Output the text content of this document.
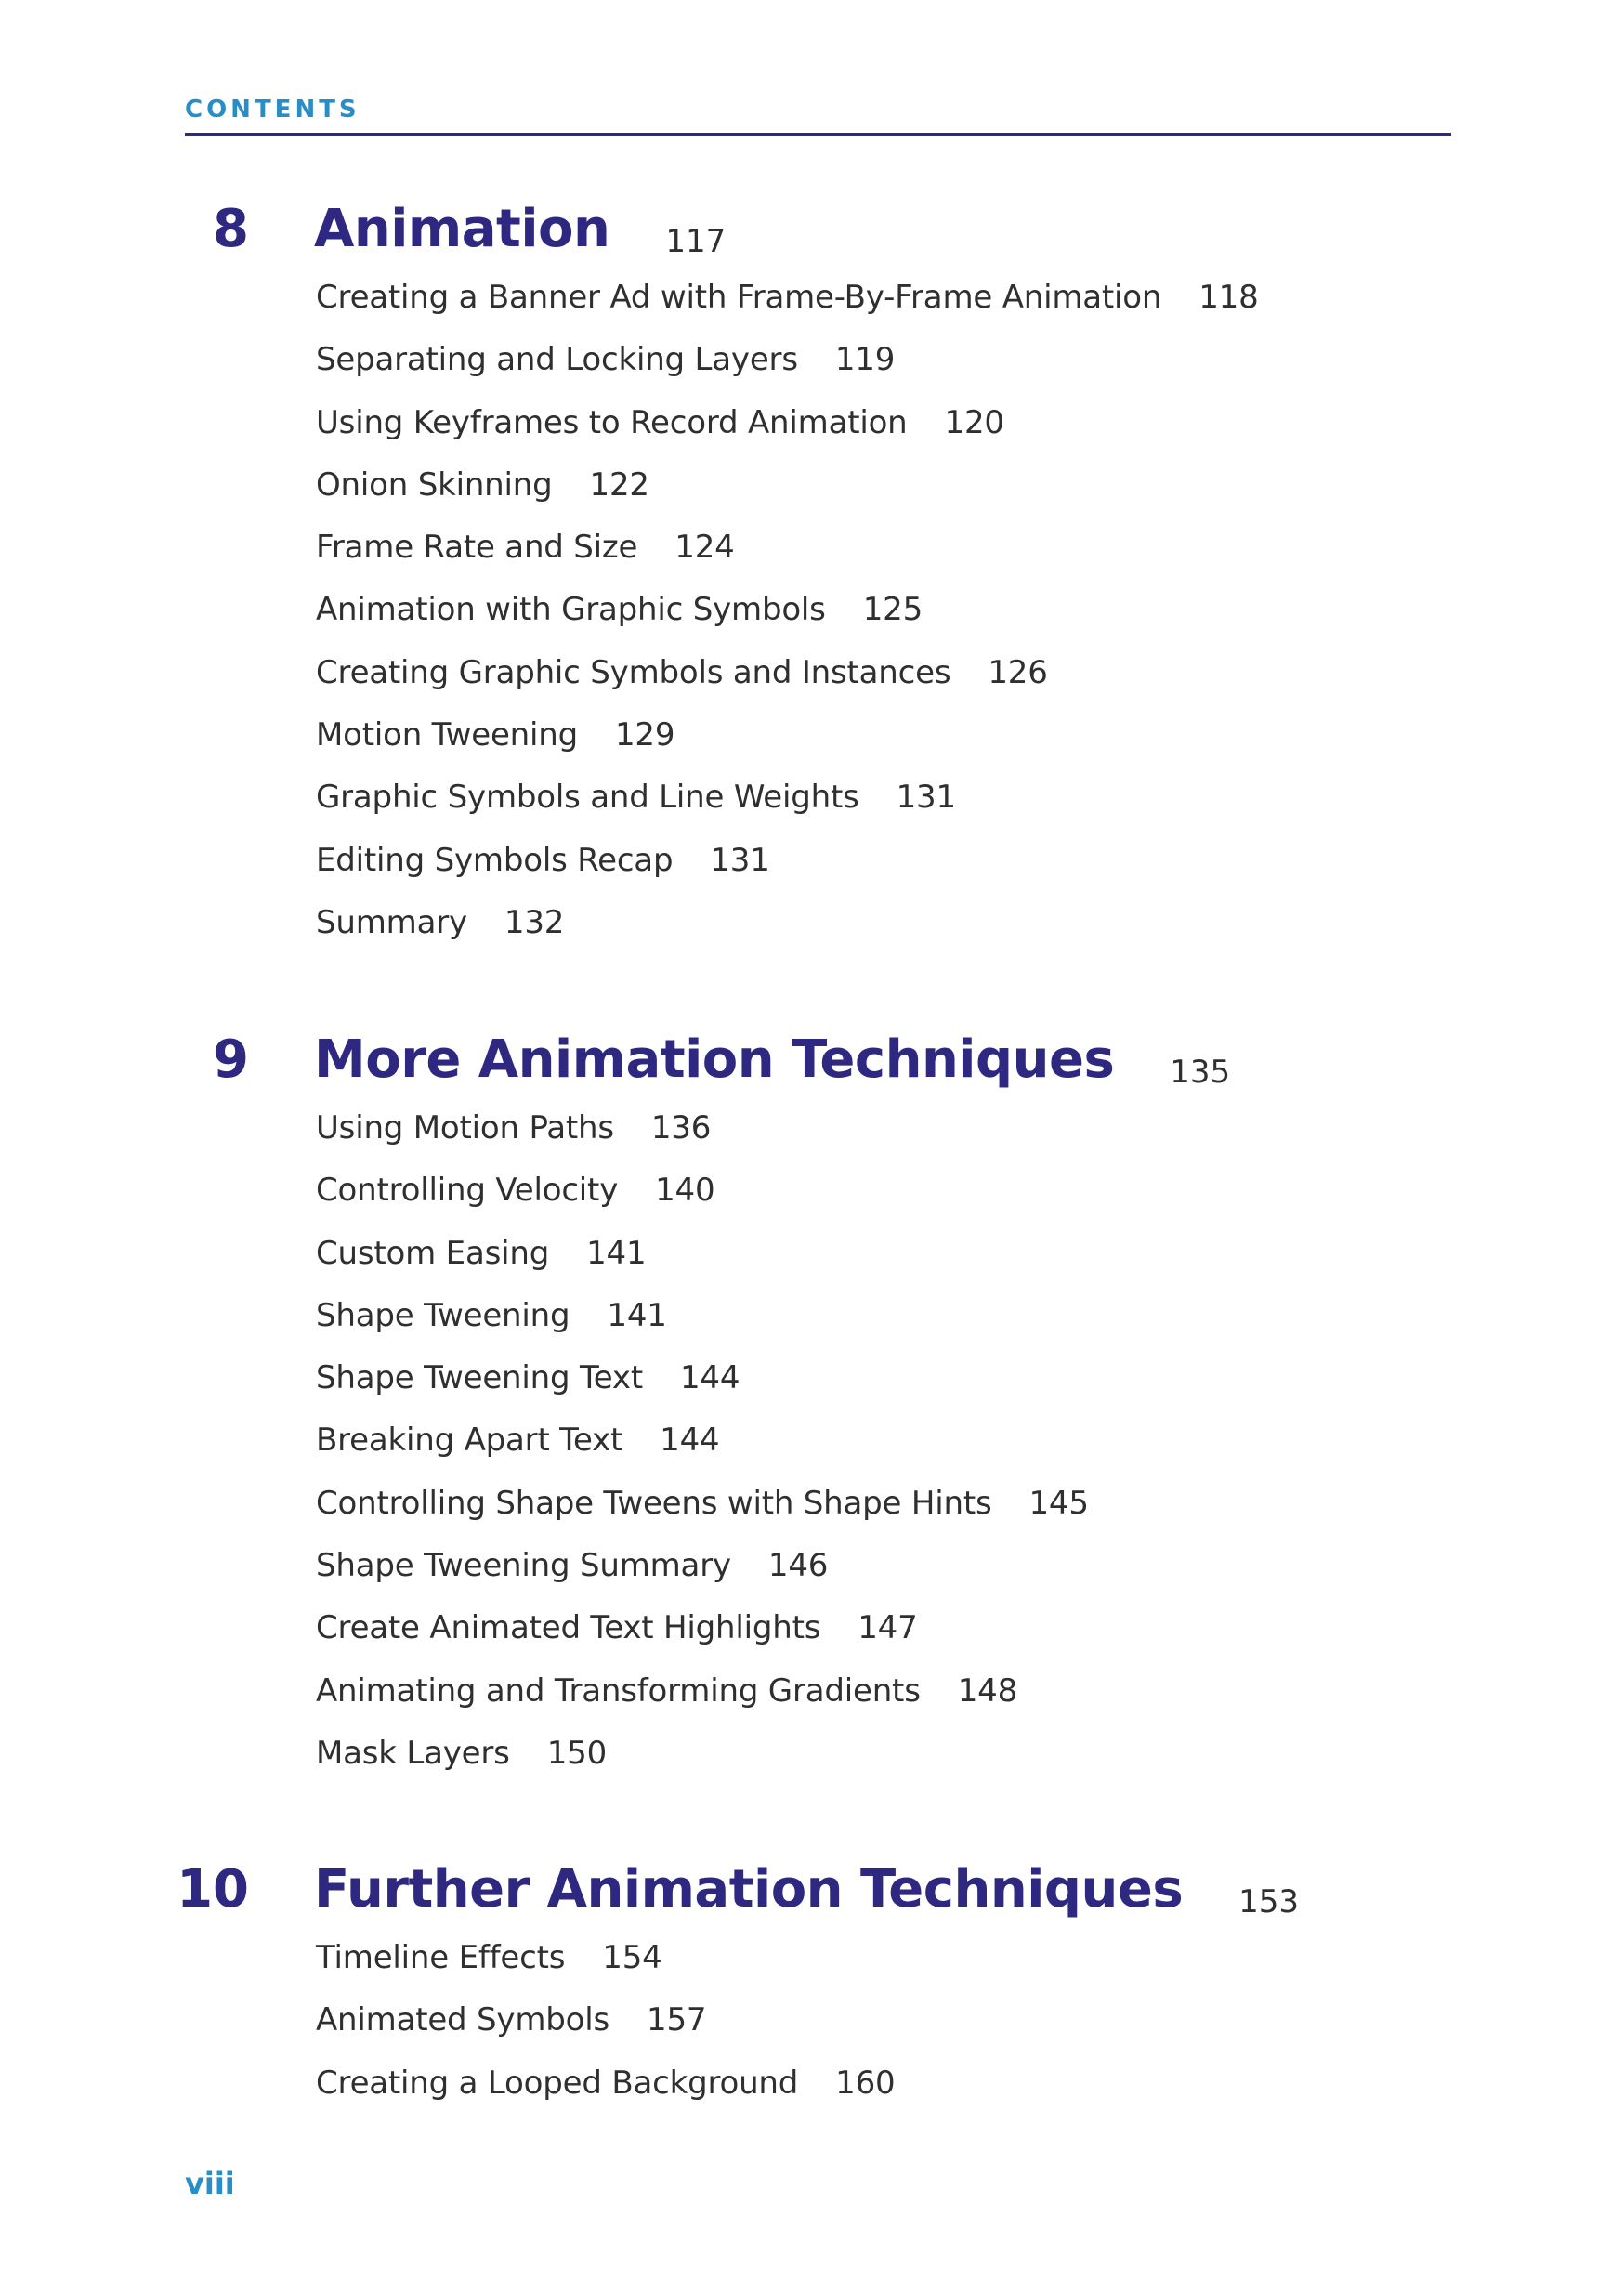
CONTENTS
8 Animation 117
Creating a Banner Ad with Frame-By-Frame Animation 118
Separating and Locking Layers 119
Using Keyframes to Record Animation 120
Onion Skinning 122
Frame Rate and Size 124
Animation with Graphic Symbols 125
Creating Graphic Symbols and Instances 126
Motion Tweening 129
Graphic Symbols and Line Weights 131
Editing Symbols Recap 131
Summary 132
9 More Animation Techniques 135
Using Motion Paths 136
Controlling Velocity 140
Custom Easing 141
Shape Tweening 141
Shape Tweening Text 144
Breaking Apart Text 144
Controlling Shape Tweens with Shape Hints 145
Shape Tweening Summary 146
Create Animated Text Highlights 147
Animating and Transforming Gradients 148
Mask Layers 150
10 Further Animation Techniques 153
Timeline Effects 154
Animated Symbols 157
Creating a Looped Background 160
viii
